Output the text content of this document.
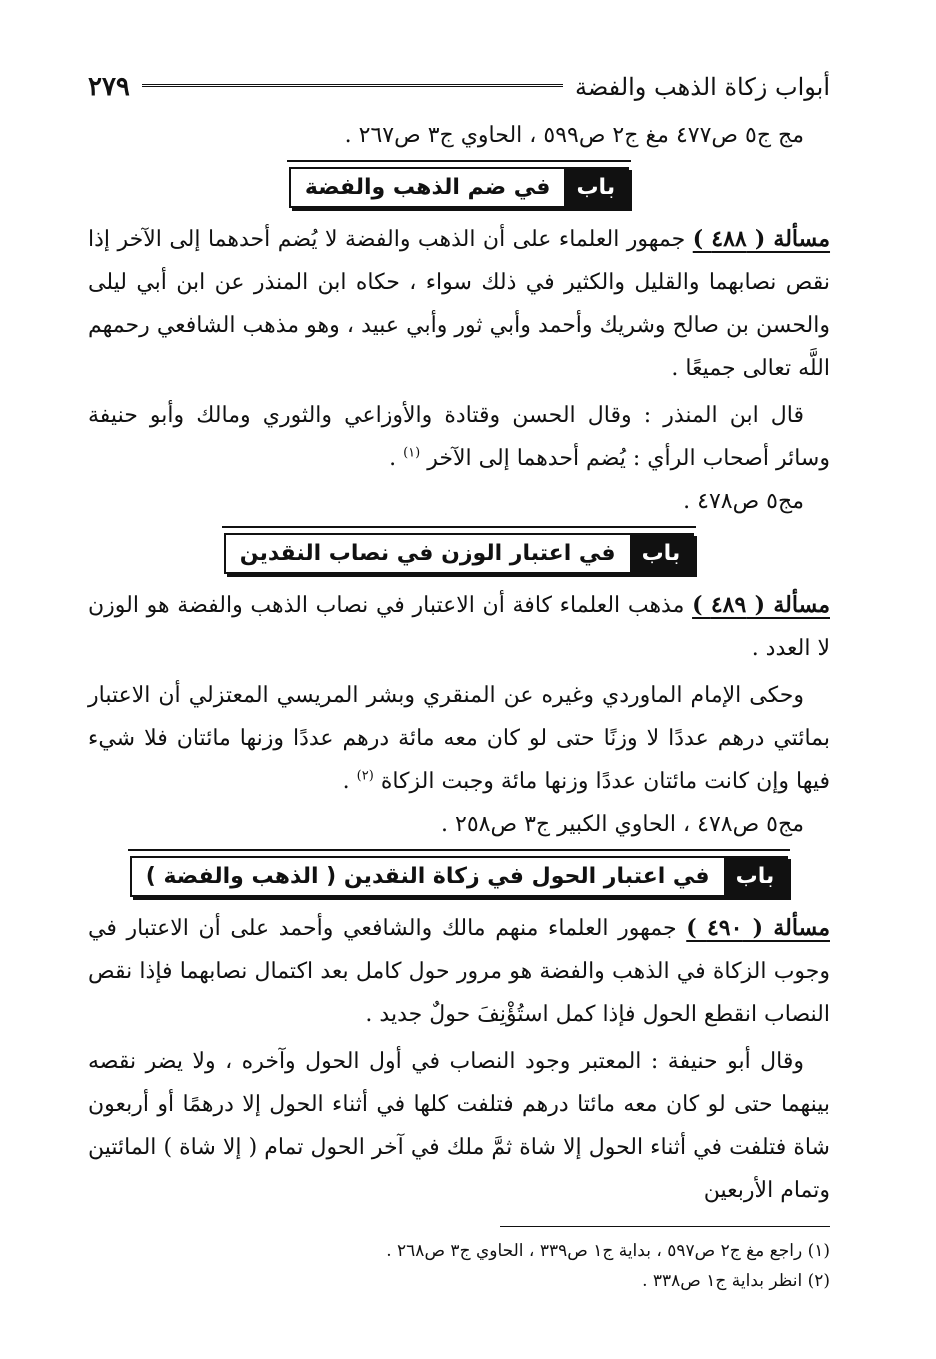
أبواب زكاة الذهب والفضة
٢٧٩

مج ج٥ ص٤٧٧ مغ ج٢ ص٥٩٩ ، الحاوي ج٣ ص٢٦٧ .

باب
في ضم الذهب والفضة

مسألة ( ٤٨٨ ) جمهور العلماء على أن الذهب والفضة لا يُضم أحدهما إلى الآخر إذا نقص نصابهما والقليل والكثير في ذلك سواء ، حكاه ابن المنذر عن ابن أبي ليلى والحسن بن صالح وشريك وأحمد وأبي ثور وأبي عبيد ، وهو مذهب الشافعي رحمهم اللَّه تعالى جميعًا .

قال ابن المنذر : وقال الحسن وقتادة والأوزاعي والثوري ومالك وأبو حنيفة وسائر أصحاب الرأي : يُضم أحدهما إلى الآخر $^{(١)}$ .

مج٥ ص٤٧٨ .

باب
في اعتبار الوزن في نصاب النقدين

مسألة ( ٤٨٩ ) مذهب العلماء كافة أن الاعتبار في نصاب الذهب والفضة هو الوزن لا العدد .

وحكى الإمام الماوردي وغيره عن المنقري وبشر المريسي المعتزلي أن الاعتبار بمائتي درهم عددًا لا وزنًا حتى لو كان معه مائة درهم عددًا وزنها مائتان فلا شيء فيها وإن كانت مائتان عددًا وزنها مائة وجبت الزكاة $^{(٢)}$ .

مج٥ ص٤٧٨ ، الحاوي الكبير ج٣ ص٢٥٨ .

باب
في اعتبار الحول في زكاة النقدين ( الذهب والفضة )

مسألة ( ٤٩٠ ) جمهور العلماء منهم مالك والشافعي وأحمد على أن الاعتبار في وجوب الزكاة في الذهب والفضة هو مرور حول كامل بعد اكتمال نصابهما فإذا نقص النصاب انقطع الحول فإذا كمل استُؤْنِفَ حولٌ جديد .

وقال أبو حنيفة : المعتبر وجود النصاب في أول الحول وآخره ، ولا يضر نقصه بينهما حتى لو كان معه مائتا درهم فتلفت كلها في أثناء الحول إلا درهمًا أو أربعون شاة فتلفت في أثناء الحول إلا شاة ثمَّ ملك في آخر الحول تمام ( إلا شاة ) المائتين وتمام الأربعين

(١) راجع مغ ج٢ ص٥٩٧ ، بداية ج١ ص٣٣٩ ، الحاوي ج٣ ص٢٦٨ .

(٢) انظر بداية ج١ ص٣٣٨ .
